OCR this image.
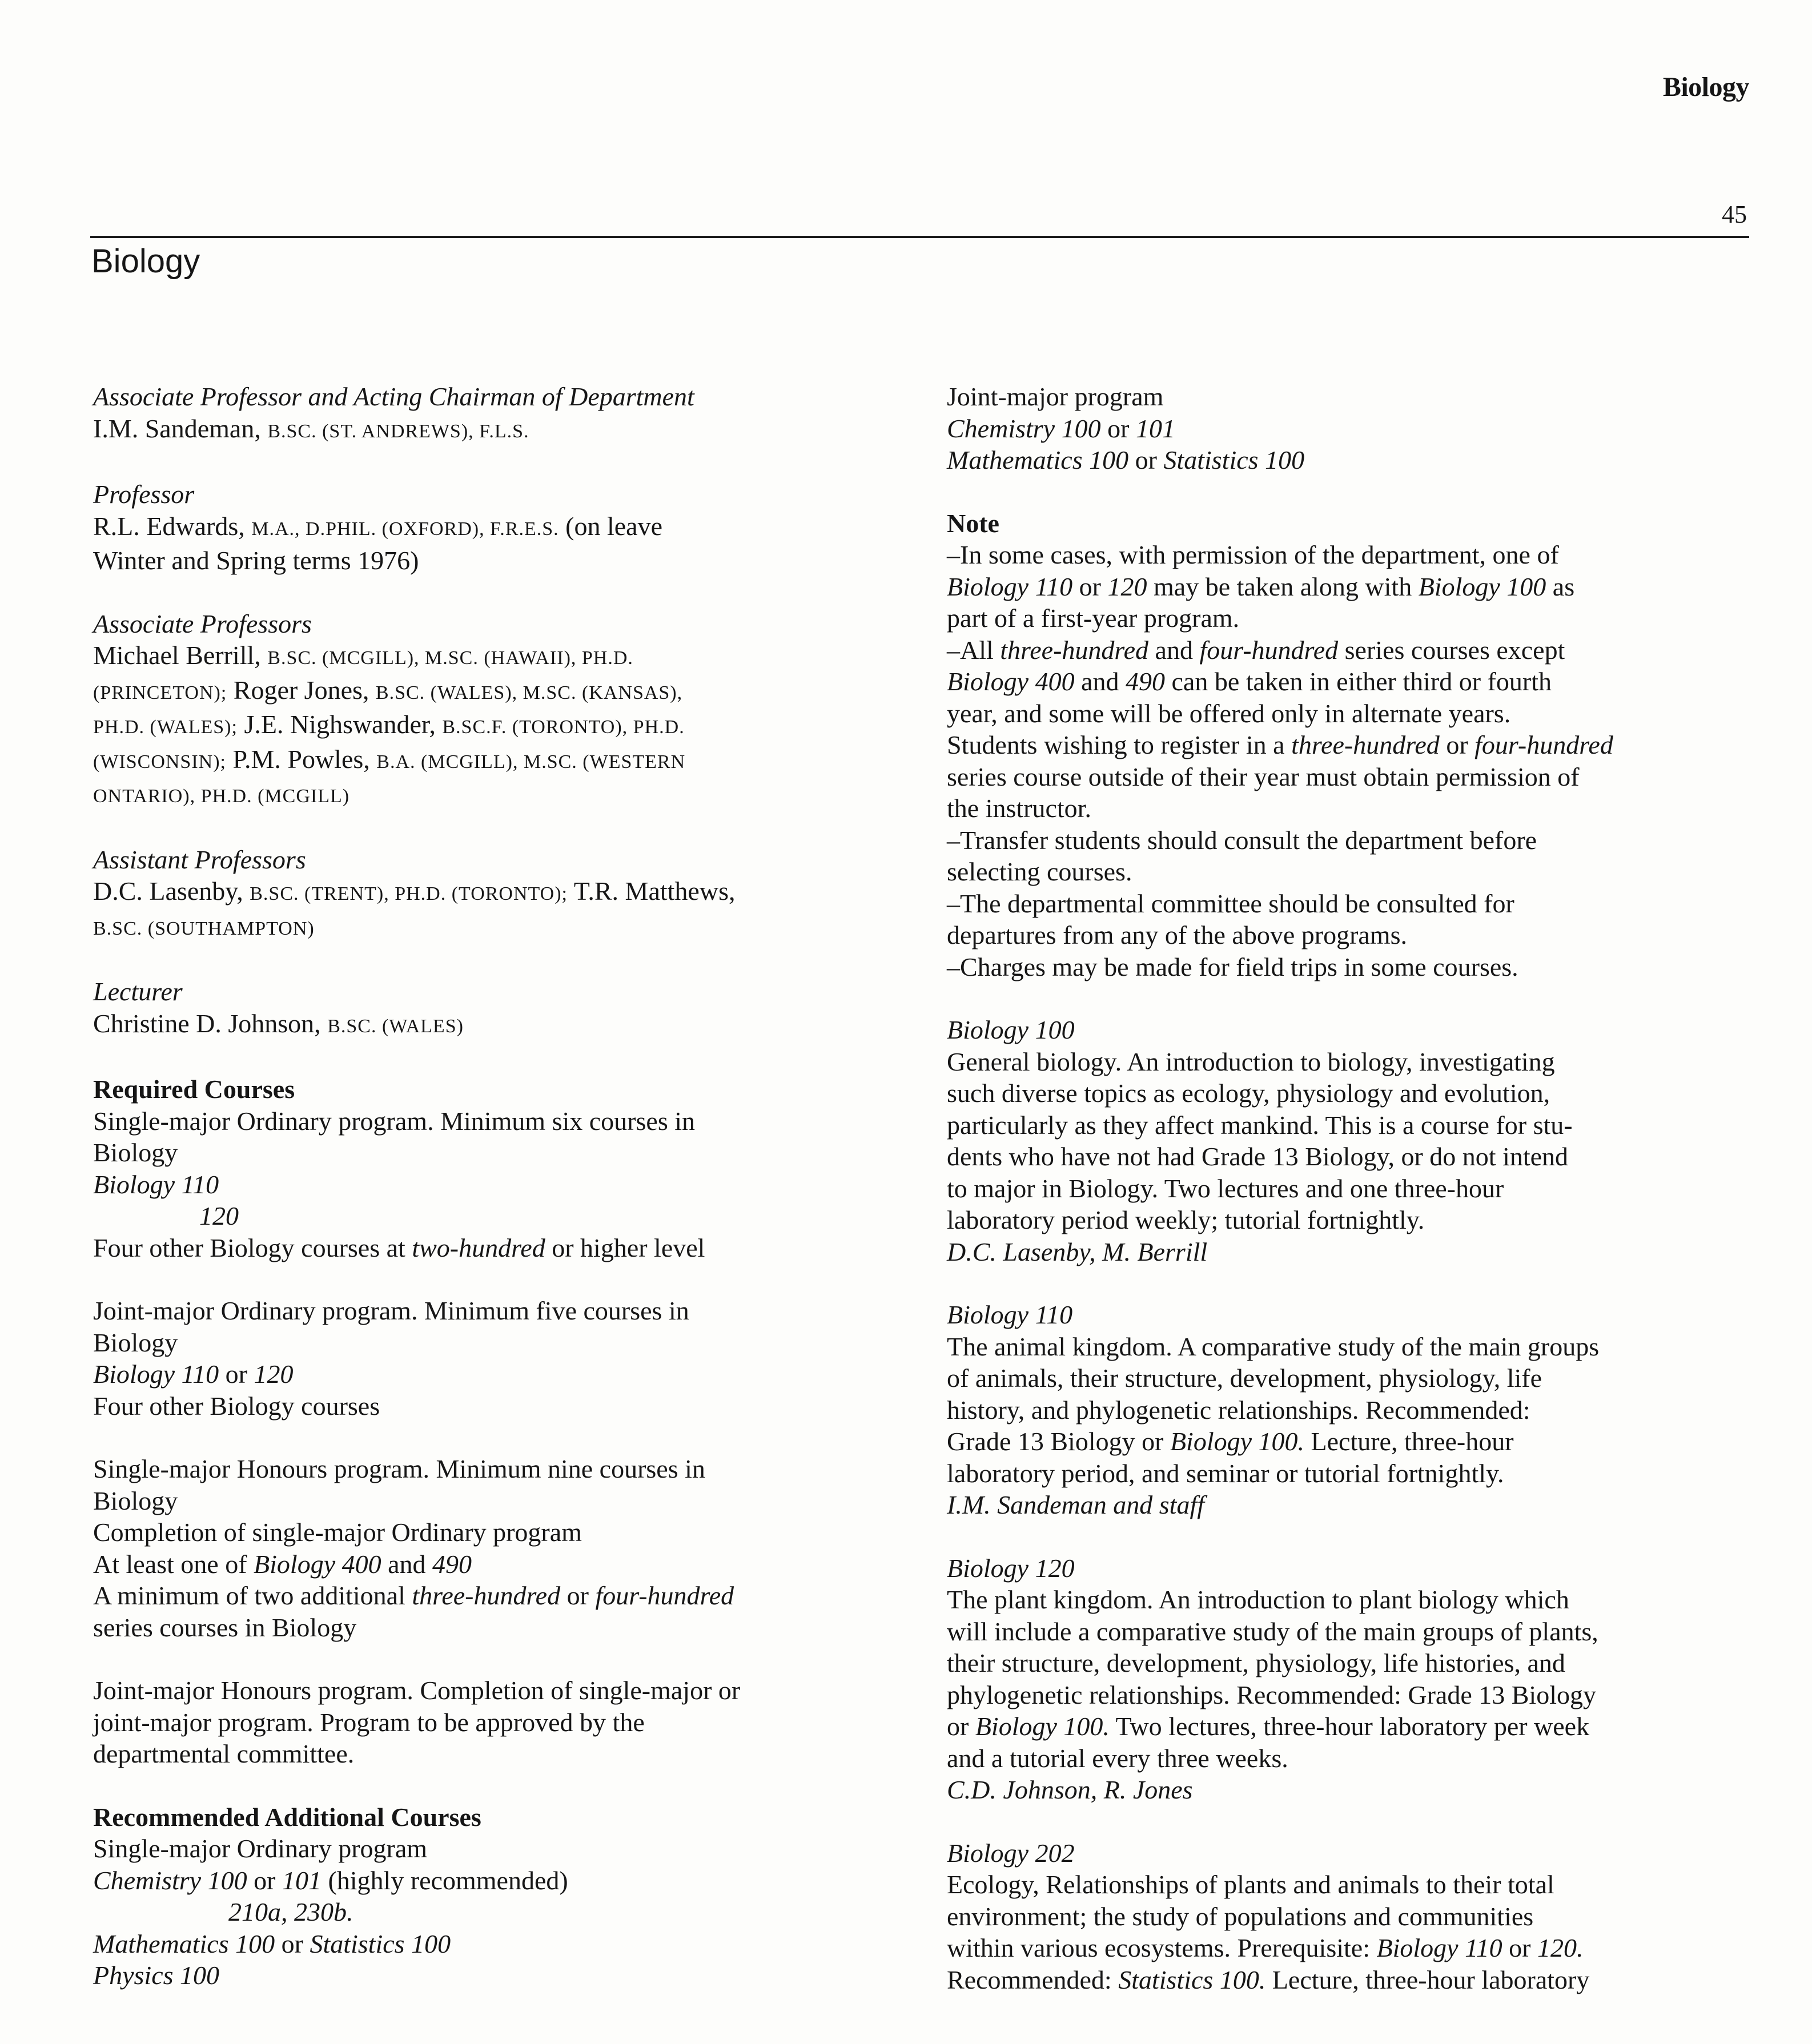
Biology
45
Biology
Associate Professor and Acting Chairman of Department
I.M. Sandeman, B.SC. (ST. ANDREWS), F.L.S.
Professor
R.L. Edwards, M.A., D.PHIL. (OXFORD), F.R.E.S. (on leave
Winter and Spring terms 1976)
Associate Professors
Michael Berrill, B.SC. (MCGILL), M.SC. (HAWAII), PH.D.
(PRINCETON); Roger Jones, B.SC. (WALES), M.SC. (KANSAS),
PH.D. (WALES); J.E. Nighswander, B.SC.F. (TORONTO), PH.D.
(WISCONSIN); P.M. Powles, B.A. (MCGILL), M.SC. (WESTERN
ONTARIO), PH.D. (MCGILL)
Assistant Professors
D.C. Lasenby, B.SC. (TRENT), PH.D. (TORONTO); T.R. Matthews,
B.SC. (SOUTHAMPTON)
Lecturer
Christine D. Johnson, B.SC. (WALES)
Required Courses
Single-major Ordinary program. Minimum six courses in
Biology
Biology 110
120
Four other Biology courses at two-hundred or higher level
Joint-major Ordinary program. Minimum five courses in
Biology
Biology 110 or 120
Four other Biology courses
Single-major Honours program. Minimum nine courses in
Biology
Completion of single-major Ordinary program
At least one of Biology 400 and 490
A minimum of two additional three-hundred or four-hundred
series courses in Biology
Joint-major Honours program. Completion of single-major or
joint-major program. Program to be approved by the
departmental committee.
Recommended Additional Courses
Single-major Ordinary program
Chemistry 100 or 101 (highly recommended)
210a, 230b.
Mathematics 100 or Statistics 100
Physics 100
Joint-major program
Chemistry 100 or 101
Mathematics 100 or Statistics 100
Note
–In some cases, with permission of the department, one of
Biology 110 or 120 may be taken along with Biology 100 as
part of a first-year program.
–All three-hundred and four-hundred series courses except
Biology 400 and 490 can be taken in either third or fourth
year, and some will be offered only in alternate years.
Students wishing to register in a three-hundred or four-hundred
series course outside of their year must obtain permission of
the instructor.
–Transfer students should consult the department before
selecting courses.
–The departmental committee should be consulted for
departures from any of the above programs.
–Charges may be made for field trips in some courses.
Biology 100
General biology. An introduction to biology, investigating
such diverse topics as ecology, physiology and evolution,
particularly as they affect mankind. This is a course for stu-
dents who have not had Grade 13 Biology, or do not intend
to major in Biology. Two lectures and one three-hour
laboratory period weekly; tutorial fortnightly.
D.C. Lasenby, M. Berrill
Biology 110
The animal kingdom. A comparative study of the main groups
of animals, their structure, development, physiology, life
history, and phylogenetic relationships. Recommended:
Grade 13 Biology or Biology 100. Lecture, three-hour
laboratory period, and seminar or tutorial fortnightly.
I.M. Sandeman and staff
Biology 120
The plant kingdom. An introduction to plant biology which
will include a comparative study of the main groups of plants,
their structure, development, physiology, life histories, and
phylogenetic relationships. Recommended: Grade 13 Biology
or Biology 100. Two lectures, three-hour laboratory per week
and a tutorial every three weeks.
C.D. Johnson, R. Jones
Biology 202
Ecology, Relationships of plants and animals to their total
environment; the study of populations and communities
within various ecosystems. Prerequisite: Biology 110 or 120.
Recommended: Statistics 100. Lecture, three-hour laboratory
